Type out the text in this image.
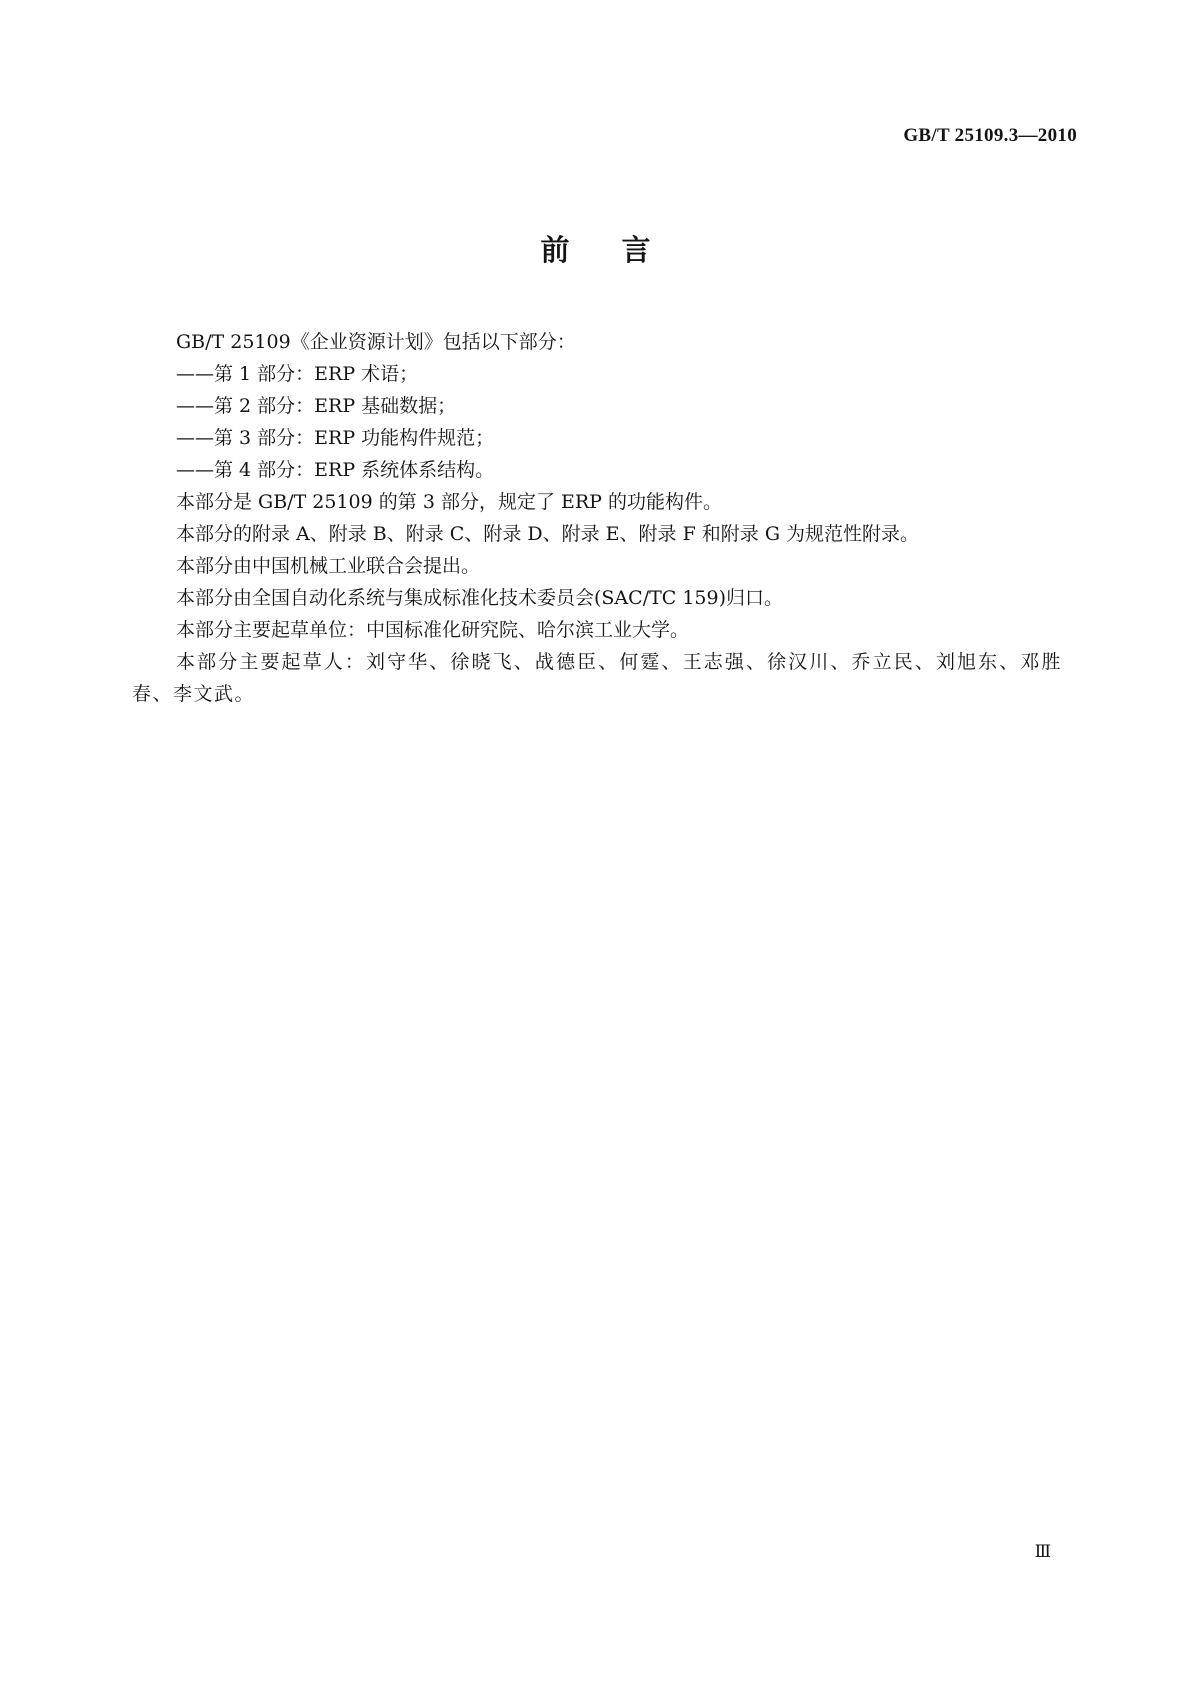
GB/T 25109.3—2010
前言

GB/T 25109《企业资源计划》包括以下部分：

——第 1 部分：ERP 术语；

——第 2 部分：ERP 基础数据；

——第 3 部分：ERP 功能构件规范；

——第 4 部分：ERP 系统体系结构。

本部分是 GB/T 25109 的第 3 部分，规定了 ERP 的功能构件。

本部分的附录 A、附录 B、附录 C、附录 D、附录 E、附录 F 和附录 G 为规范性附录。

本部分由中国机械工业联合会提出。

本部分由全国自动化系统与集成标准化技术委员会(SAC/TC 159)归口。

本部分主要起草单位：中国标准化研究院、哈尔滨工业大学。

本部分主要起草人：刘守华、徐晓飞、战德臣、何霆、王志强、徐汉川、乔立民、刘旭东、邓胜春、李文武。

Ⅲ
